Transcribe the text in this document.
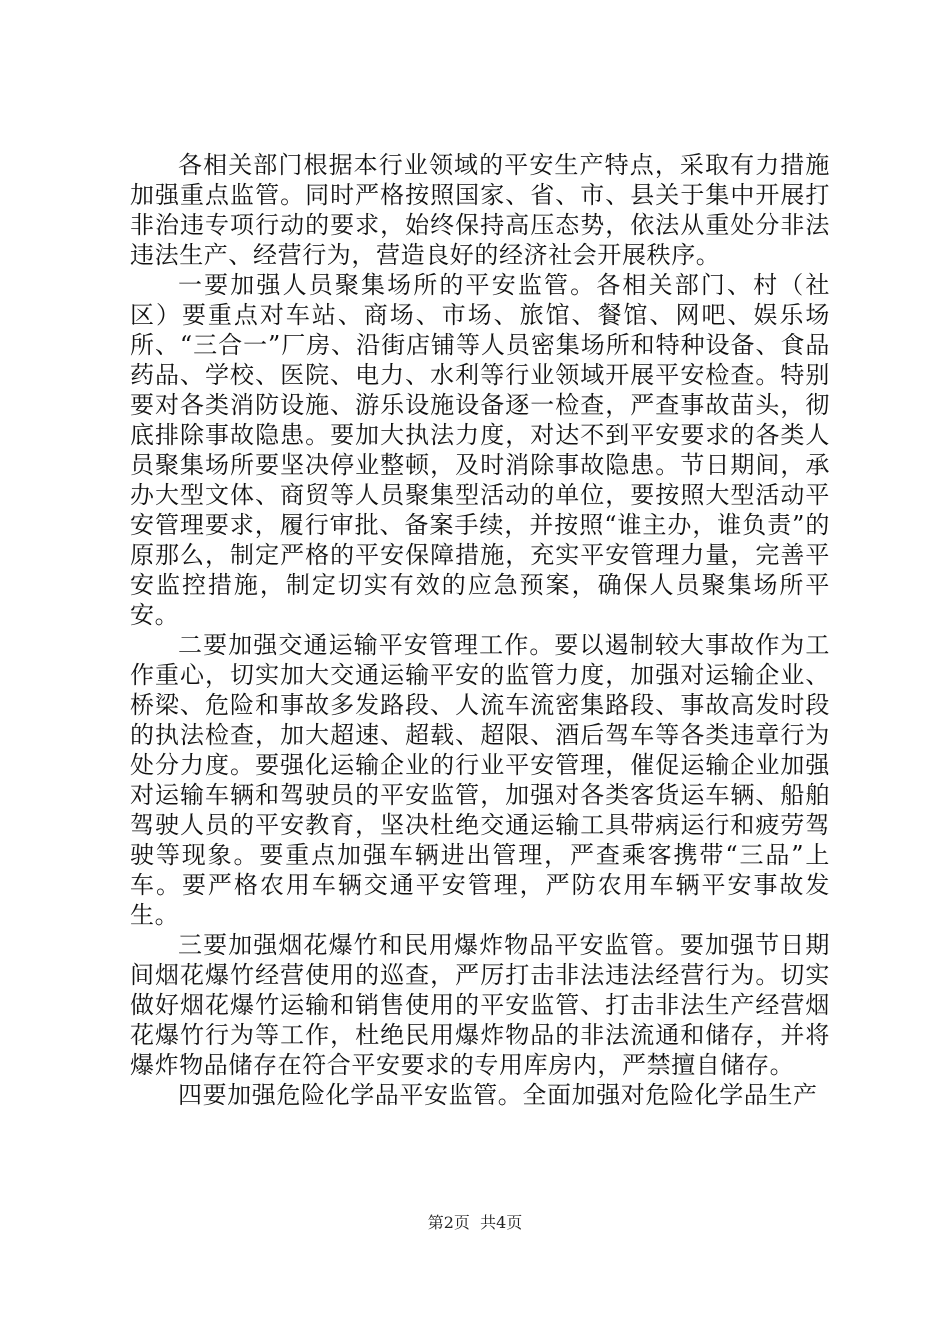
各相关部门根据本行业领域的平安生产特点，采取有力措施加强重点监管。同时严格按照国家、省、市、县关于集中开展打非治违专项行动的要求，始终保持高压态势，依法从重处分非法违法生产、经营行为，营造良好的经济社会开展秩序。

一要加强人员聚集场所的平安监管。各相关部门、村（社区）要重点对车站、商场、市场、旅馆、餐馆、网吧、娱乐场所、“三合一”厂房、沿街店铺等人员密集场所和特种设备、食品药品、学校、医院、电力、水利等行业领域开展平安检查。特别要对各类消防设施、游乐设施设备逐一检查，严查事故苗头，彻底排除事故隐患。要加大执法力度，对达不到平安要求的各类人员聚集场所要坚决停业整顿，及时消除事故隐患。节日期间，承办大型文体、商贸等人员聚集型活动的单位，要按照大型活动平安管理要求，履行审批、备案手续，并按照“谁主办，谁负责”的原那么，制定严格的平安保障措施，充实平安管理力量，完善平安监控措施，制定切实有效的应急预案，确保人员聚集场所平安。

二要加强交通运输平安管理工作。要以遏制较大事故作为工作重心，切实加大交通运输平安的监管力度，加强对运输企业、桥梁、危险和事故多发路段、人流车流密集路段、事故高发时段的执法检查，加大超速、超载、超限、酒后驾车等各类违章行为处分力度。要强化运输企业的行业平安管理，催促运输企业加强对运输车辆和驾驶员的平安监管，加强对各类客货运车辆、船舶驾驶人员的平安教育，坚决杜绝交通运输工具带病运行和疲劳驾驶等现象。要重点加强车辆进出管理，严查乘客携带“三品”上车。要严格农用车辆交通平安管理，严防农用车辆平安事故发生。

三要加强烟花爆竹和民用爆炸物品平安监管。要加强节日期间烟花爆竹经营使用的巡查，严厉打击非法违法经营行为。切实做好烟花爆竹运输和销售使用的平安监管、打击非法生产经营烟花爆竹行为等工作，杜绝民用爆炸物品的非法流通和储存，并将爆炸物品储存在符合平安要求的专用库房内，严禁擅自储存。

四要加强危险化学品平安监管。全面加强对危险化学品生产

第2页  共4页
